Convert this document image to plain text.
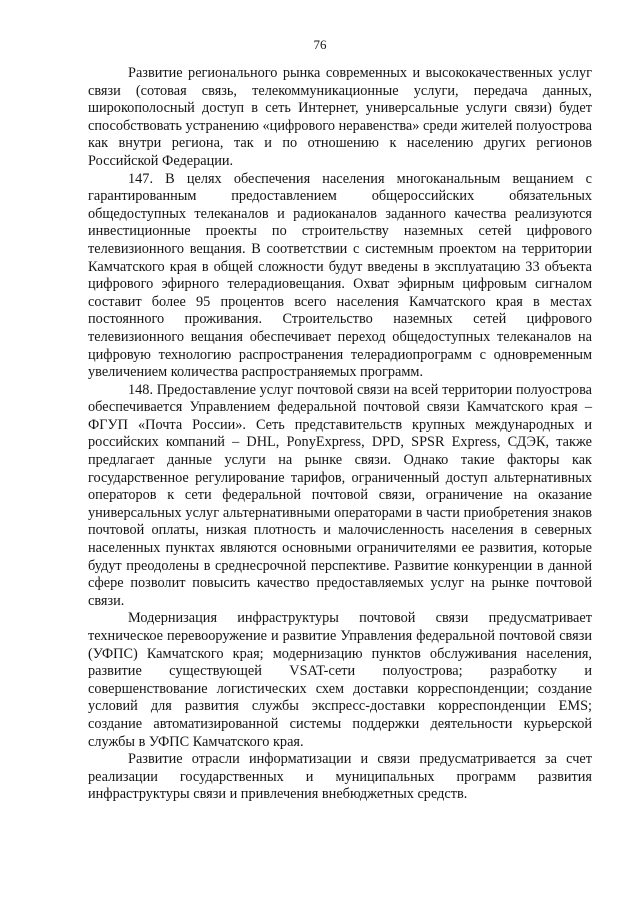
76

Развитие регионального рынка современных и высококачественных услуг связи (сотовая связь, телекоммуникационные услуги, передача данных, широкополосный доступ в сеть Интернет, универсальные услуги связи) будет способствовать устранению «цифрового неравенства» среди жителей полуострова как внутри региона, так и по отношению к населению других регионов Российской Федерации.

147. В целях обеспечения населения многоканальным вещанием с гарантированным предоставлением общероссийских обязательных общедоступных телеканалов и радиоканалов заданного качества реализуются инвестиционные проекты по строительству наземных сетей цифрового телевизионного вещания. В соответствии с системным проектом на территории Камчатского края в общей сложности будут введены в эксплуатацию 33 объекта цифрового эфирного телерадиовещания. Охват эфирным цифровым сигналом составит более 95 процентов всего населения Камчатского края в местах постоянного проживания. Строительство наземных сетей цифрового телевизионного вещания обеспечивает переход общедоступных телеканалов на цифровую технологию распространения телерадиопрограмм с одновременным увеличением количества распространяемых программ.

148. Предоставление услуг почтовой связи на всей территории полуострова обеспечивается Управлением федеральной почтовой связи Камчатского края – ФГУП «Почта России». Сеть представительств крупных международных и российских компаний – DHL, PonyExpress, DPD, SPSR Express, СДЭК, также предлагает данные услуги на рынке связи. Однако такие факторы как государственное регулирование тарифов, ограниченный доступ альтернативных операторов к сети федеральной почтовой связи, ограничение на оказание универсальных услуг альтернативными операторами в части приобретения знаков почтовой оплаты, низкая плотность и малочисленность населения в северных населенных пунктах являются основными ограничителями ее развития, которые будут преодолены в среднесрочной перспективе. Развитие конкуренции в данной сфере позволит повысить качество предоставляемых услуг на рынке почтовой связи.

Модернизация инфраструктуры почтовой связи предусматривает техническое перевооружение и развитие Управления федеральной почтовой связи (УФПС) Камчатского края; модернизацию пунктов обслуживания населения, развитие существующей VSAT-сети полуострова; разработку и совершенствование логистических схем доставки корреспонденции; создание условий для развития службы экспресс-доставки корреспонденции EMS; создание автоматизированной системы поддержки деятельности курьерской службы в УФПС Камчатского края.

Развитие отрасли информатизации и связи предусматривается за счет реализации государственных и муниципальных программ развития инфраструктуры связи и привлечения внебюджетных средств.
